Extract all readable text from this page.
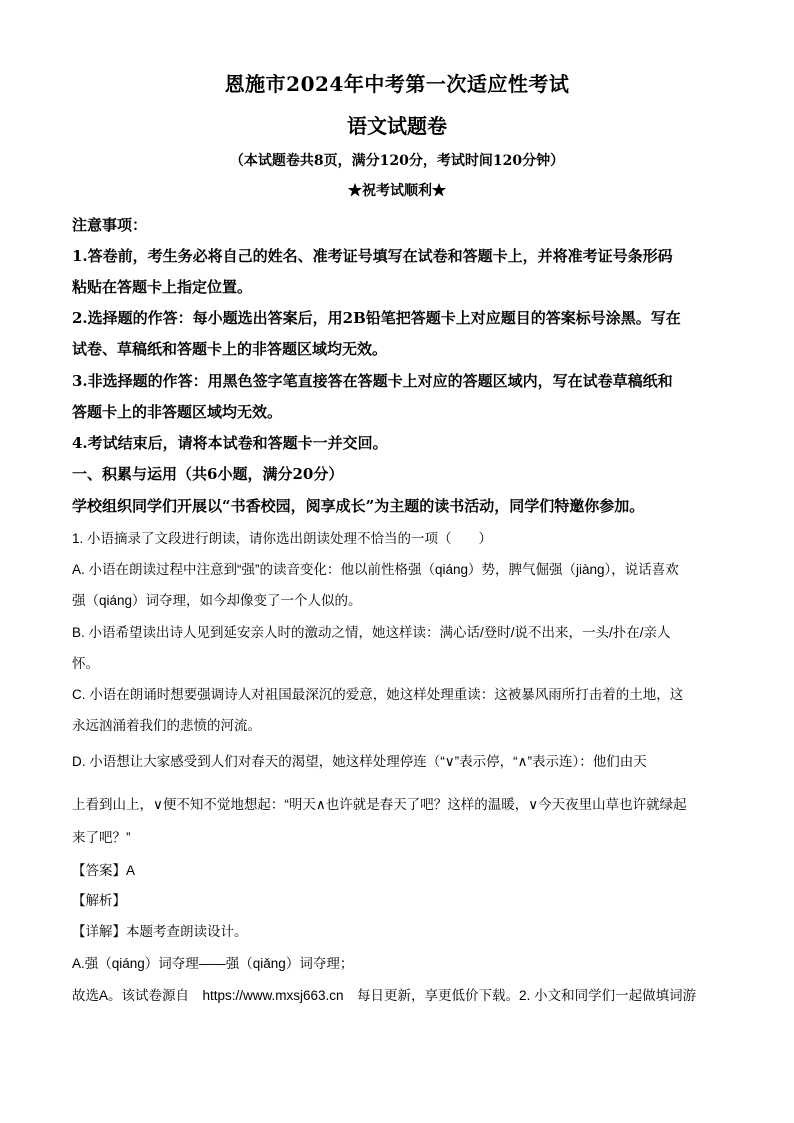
恩施市2024年中考第一次适应性考试
语文试题卷
（本试题卷共8页，满分120分，考试时间120分钟）
★祝考试顺利★
注意事项：
1.答卷前，考生务必将自己的姓名、准考证号填写在试卷和答题卡上，并将准考证号条形码
粘贴在答题卡上指定位置。
2.选择题的作答：每小题选出答案后，用2B铅笔把答题卡上对应题目的答案标号涂黑。写在
试卷、草稿纸和答题卡上的非答题区域均无效。
3.非选择题的作答：用黑色签字笔直接答在答题卡上对应的答题区域内，写在试卷草稿纸和
答题卡上的非答题区域均无效。
4.考试结束后，请将本试卷和答题卡一并交回。
一、积累与运用（共6小题，满分20分）
学校组织同学们开展以“书香校园，阅享成长”为主题的读书活动，同学们特邀你参加。
1. 小语摘录了文段进行朗读，请你选出朗读处理不恰当的一项（　　）
A. 小语在朗读过程中注意到“强”的读音变化：他以前性格强（qiáng）势，脾气倔强（jiàng），说话喜欢
强（qiáng）词夺理，如今却像变了一个人似的。
B. 小语希望读出诗人见到延安亲人时的激动之情，她这样读：满心话/登时/说不出来，一头/扑在/亲人
怀。
C. 小语在朗诵时想要强调诗人对祖国最深沉的爱意，她这样处理重读：这被暴风雨所打击着的土地，这
永远汹涌着我们的悲愤的河流。
D. 小语想让大家感受到人们对春天的渴望，她这样处理停连（“∨”表示停，“∧”表示连）：他们由天
上看到山上，∨便不知不觉地想起：“明天∧也许就是春天了吧？这样的温暖，∨今天夜里山草也许就绿起
来了吧？”
【答案】A
【解析】
【详解】本题考查朗读设计。
A.强（qiáng）词夺理——强（qiǎng）词夺理；
故选A。该试卷源自　https://www.mxsj663.cn　每日更新，享更低价下载。2. 小文和同学们一起做填词游
